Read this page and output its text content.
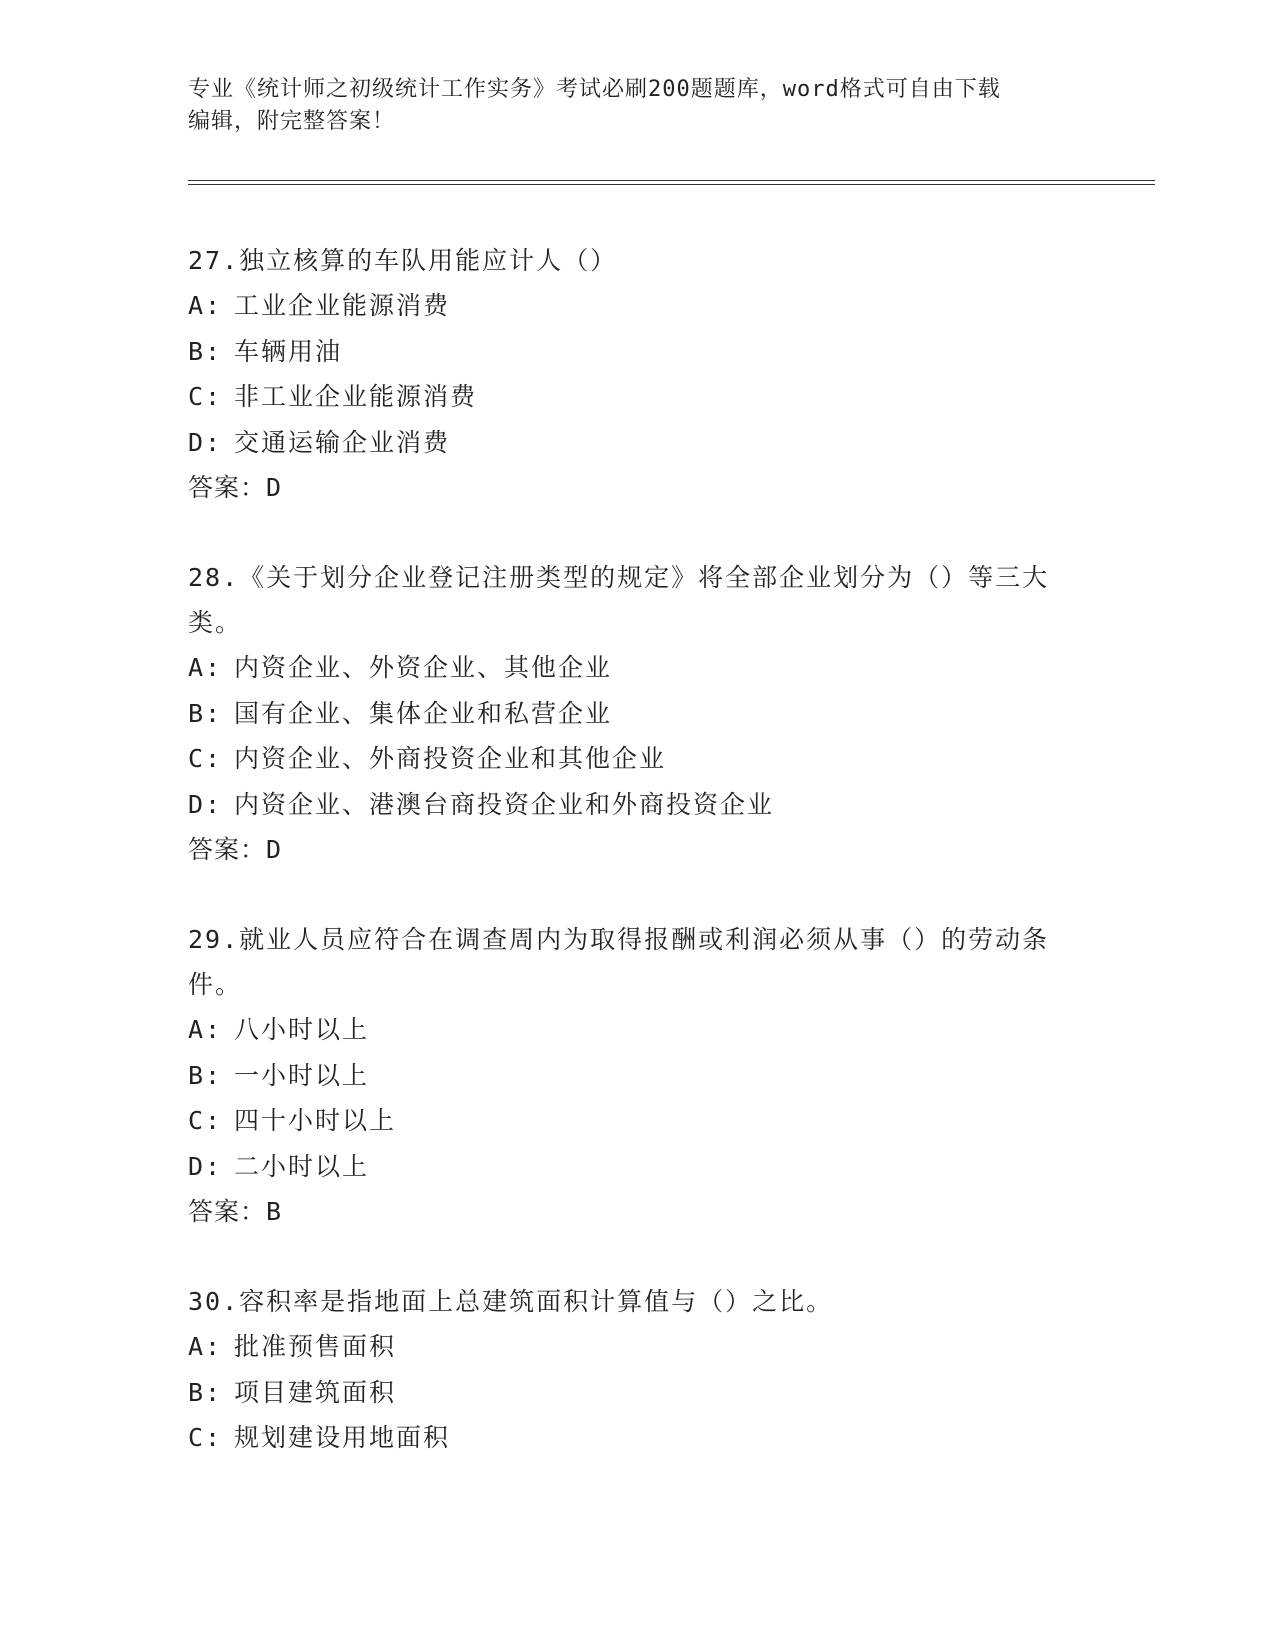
专业《统计师之初级统计工作实务》考试必刷200题题库，word格式可自由下载
编辑，附完整答案！
27.独立核算的车队用能应计人（）
A: 工业企业能源消费
B: 车辆用油
C: 非工业企业能源消费
D: 交通运输企业消费
答案：D
28.《关于划分企业登记注册类型的规定》将全部企业划分为（）等三大类。
A: 内资企业、外资企业、其他企业
B: 国有企业、集体企业和私营企业
C: 内资企业、外商投资企业和其他企业
D: 内资企业、港澳台商投资企业和外商投资企业
答案：D
29.就业人员应符合在调查周内为取得报酬或利润必须从事（）的劳动条件。
A: 八小时以上
B: 一小时以上
C: 四十小时以上
D: 二小时以上
答案：B
30.容积率是指地面上总建筑面积计算值与（）之比。
A: 批准预售面积
B: 项目建筑面积
C: 规划建设用地面积
